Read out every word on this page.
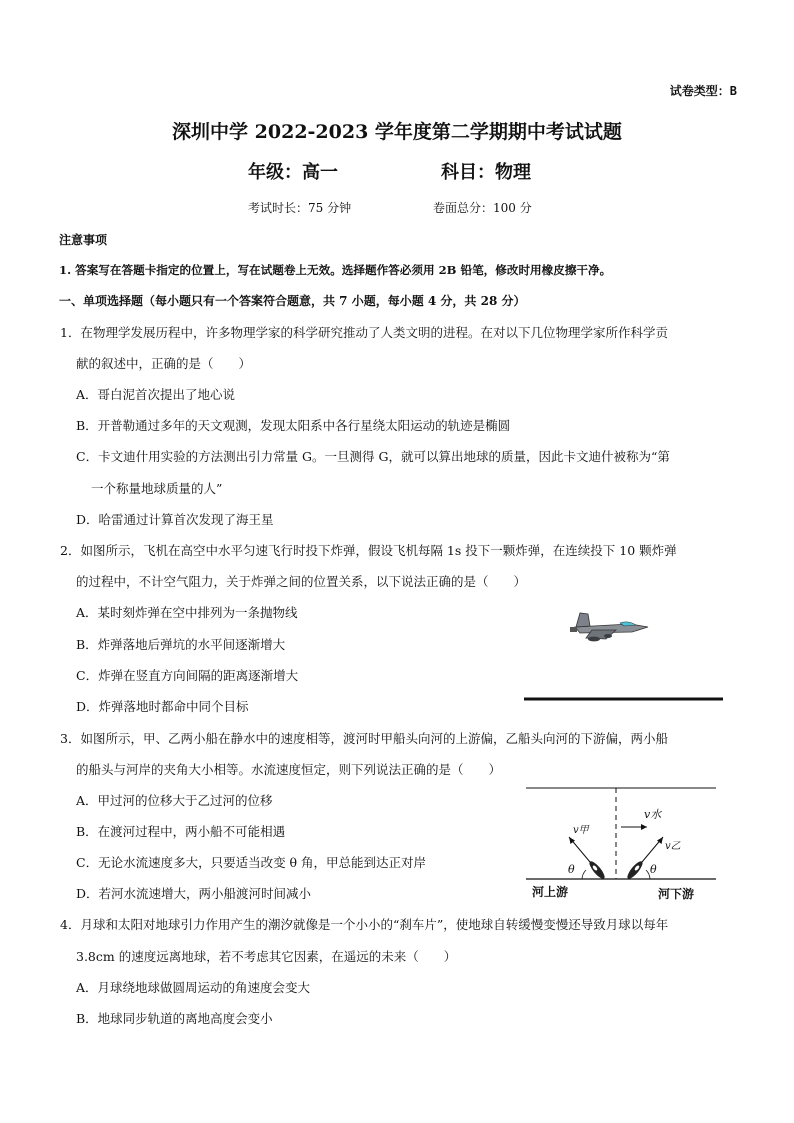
试卷类型：B
深圳中学 2022-2023 学年度第二学期期中考试试题
年级：高一	科目：物理
考试时长：75 分钟	卷面总分：100 分
注意事项
1. 答案写在答题卡指定的位置上，写在试题卷上无效。选择题作答必须用 2B 铅笔，修改时用橡皮擦干净。
一、单项选择题（每小题只有一个答案符合题意，共 7 小题，每小题 4 分，共 28 分）
1．在物理学发展历程中，许多物理学家的科学研究推动了人类文明的进程。在对以下几位物理学家所作科学贡
献的叙述中，正确的是（　　）
A．哥白泥首次提出了地心说
B．开普勒通过多年的天文观测，发现太阳系中各行星绕太阳运动的轨迹是椭圆
C．卡文迪什用实验的方法测出引力常量 G。一旦测得 G，就可以算出地球的质量，因此卡文迪什被称为“第
一个称量地球质量的人”
D．哈雷通过计算首次发现了海王星
2．如图所示，飞机在高空中水平匀速飞行时投下炸弹，假设飞机每隔 1s 投下一颗炸弹，在连续投下 10 颗炸弹
的过程中，不计空气阻力，关于炸弹之间的位置关系，以下说法正确的是（　　）
A．某时刻炸弹在空中排列为一条抛物线
B．炸弹落地后弹坑的水平间逐渐增大
C．炸弹在竖直方向间隔的距离逐渐增大
D．炸弹落地时都命中同个目标
3．如图所示，甲、乙两小船在静水中的速度相等，渡河时甲船头向河的上游偏，乙船头向河的下游偏，两小船
的船头与河岸的夹角大小相等。水流速度恒定，则下列说法正确的是（　　）
A．甲过河的位移大于乙过河的位移
B．在渡河过程中，两小船不可能相遇
C．无论水流速度多大，只要适当改变 θ 角，甲总能到达正对岸
D．若河水流速增大，两小船渡河时间减小
v水
v甲
v乙
θ	θ
河上游	河下游
4．月球和太阳对地球引力作用产生的潮汐就像是一个小小的“刹车片”，使地球自转缓慢变慢还导致月球以每年
3.8cm 的速度远离地球，若不考虑其它因素，在遥远的未来（　　）
A．月球绕地球做圆周运动的角速度会变大
B．地球同步轨道的离地高度会变小
